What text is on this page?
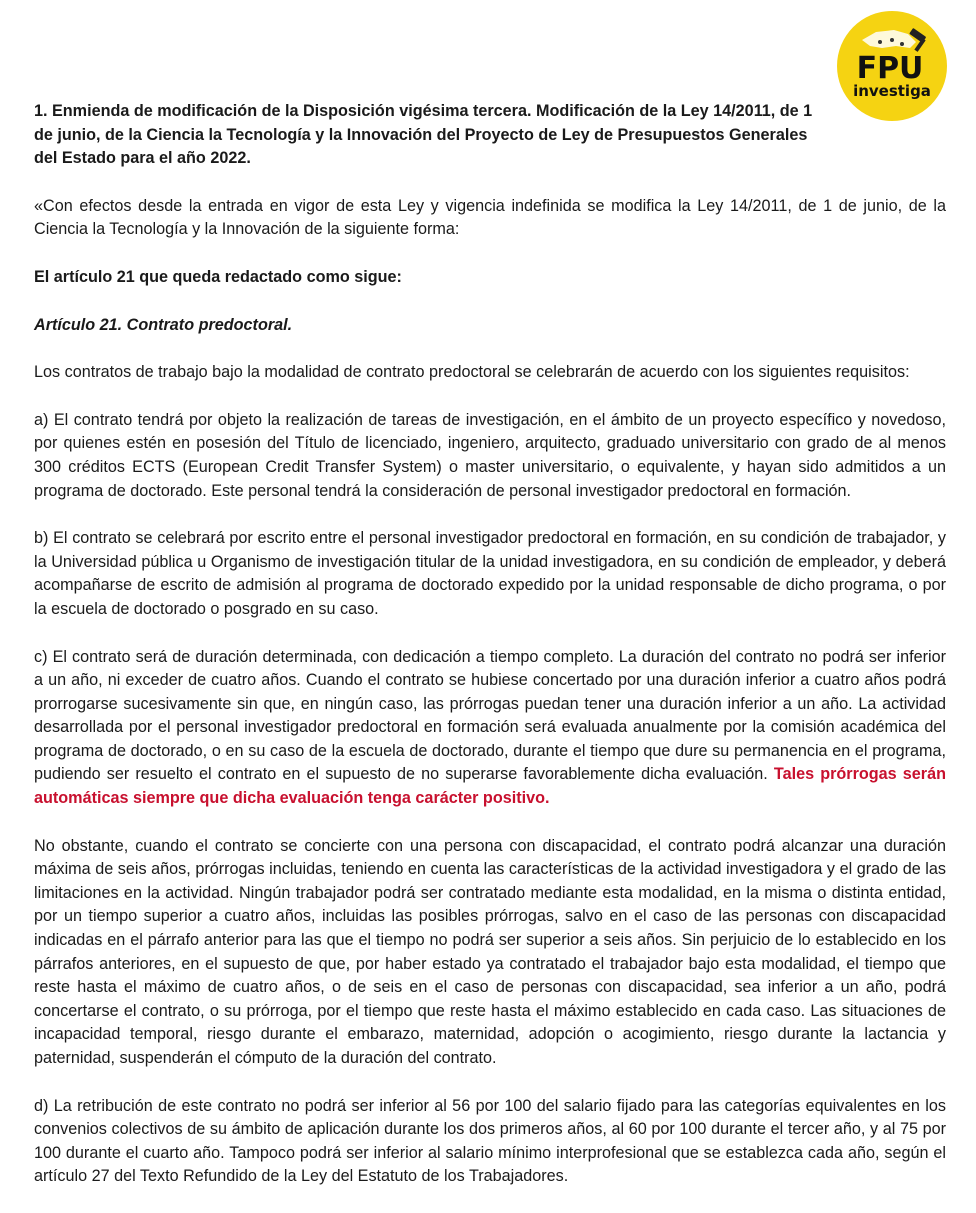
FPU
investiga
1. Enmienda de modificación de la Disposición vigésima tercera. Modificación de la Ley 14/2011, de 1 de junio, de la Ciencia la Tecnología y la Innovación del Proyecto de Ley de Presupuestos Generales del Estado para el año 2022.
«Con efectos desde la entrada en vigor de esta Ley y vigencia indefinida se modifica la Ley 14/2011, de 1 de junio, de la Ciencia la Tecnología y la Innovación de la siguiente forma:
El artículo 21 que queda redactado como sigue:
Artículo 21. Contrato predoctoral.
Los contratos de trabajo bajo la modalidad de contrato predoctoral se celebrarán de acuerdo con los siguientes requisitos:
a) El contrato tendrá por objeto la realización de tareas de investigación, en el ámbito de un proyecto específico y novedoso, por quienes estén en posesión del Título de licenciado, ingeniero, arquitecto, graduado universitario con grado de al menos 300 créditos ECTS (European Credit Transfer System) o master universitario, o equivalente, y hayan sido admitidos a un programa de doctorado. Este personal tendrá la consideración de personal investigador predoctoral en formación.
b) El contrato se celebrará por escrito entre el personal investigador predoctoral en formación, en su condición de trabajador, y la Universidad pública u Organismo de investigación titular de la unidad investigadora, en su condición de empleador, y deberá acompañarse de escrito de admisión al programa de doctorado expedido por la unidad responsable de dicho programa, o por la escuela de doctorado o posgrado en su caso.
c) El contrato será de duración determinada, con dedicación a tiempo completo. La duración del contrato no podrá ser inferior a un año, ni exceder de cuatro años. Cuando el contrato se hubiese concertado por una duración inferior a cuatro años podrá prorrogarse sucesivamente sin que, en ningún caso, las prórrogas puedan tener una duración inferior a un año. La actividad desarrollada por el personal investigador predoctoral en formación será evaluada anualmente por la comisión académica del programa de doctorado, o en su caso de la escuela de doctorado, durante el tiempo que dure su permanencia en el programa, pudiendo ser resuelto el contrato en el supuesto de no superarse favorablemente dicha evaluación. Tales prórrogas serán automáticas siempre que dicha evaluación tenga carácter positivo.
No obstante, cuando el contrato se concierte con una persona con discapacidad, el contrato podrá alcanzar una duración máxima de seis años, prórrogas incluidas, teniendo en cuenta las características de la actividad investigadora y el grado de las limitaciones en la actividad. Ningún trabajador podrá ser contratado mediante esta modalidad, en la misma o distinta entidad, por un tiempo superior a cuatro años, incluidas las posibles prórrogas, salvo en el caso de las personas con discapacidad indicadas en el párrafo anterior para las que el tiempo no podrá ser superior a seis años. Sin perjuicio de lo establecido en los párrafos anteriores, en el supuesto de que, por haber estado ya contratado el trabajador bajo esta modalidad, el tiempo que reste hasta el máximo de cuatro años, o de seis en el caso de personas con discapacidad, sea inferior a un año, podrá concertarse el contrato, o su prórroga, por el tiempo que reste hasta el máximo establecido en cada caso. Las situaciones de incapacidad temporal, riesgo durante el embarazo, maternidad, adopción o acogimiento, riesgo durante la lactancia y paternidad, suspenderán el cómputo de la duración del contrato.
d) La retribución de este contrato no podrá ser inferior al 56 por 100 del salario fijado para las categorías equivalentes en los convenios colectivos de su ámbito de aplicación durante los dos primeros años, al 60 por 100 durante el tercer año, y al 75 por 100 durante el cuarto año. Tampoco podrá ser inferior al salario mínimo interprofesional que se establezca cada año, según el artículo 27 del Texto Refundido de la Ley del Estatuto de los Trabajadores.
